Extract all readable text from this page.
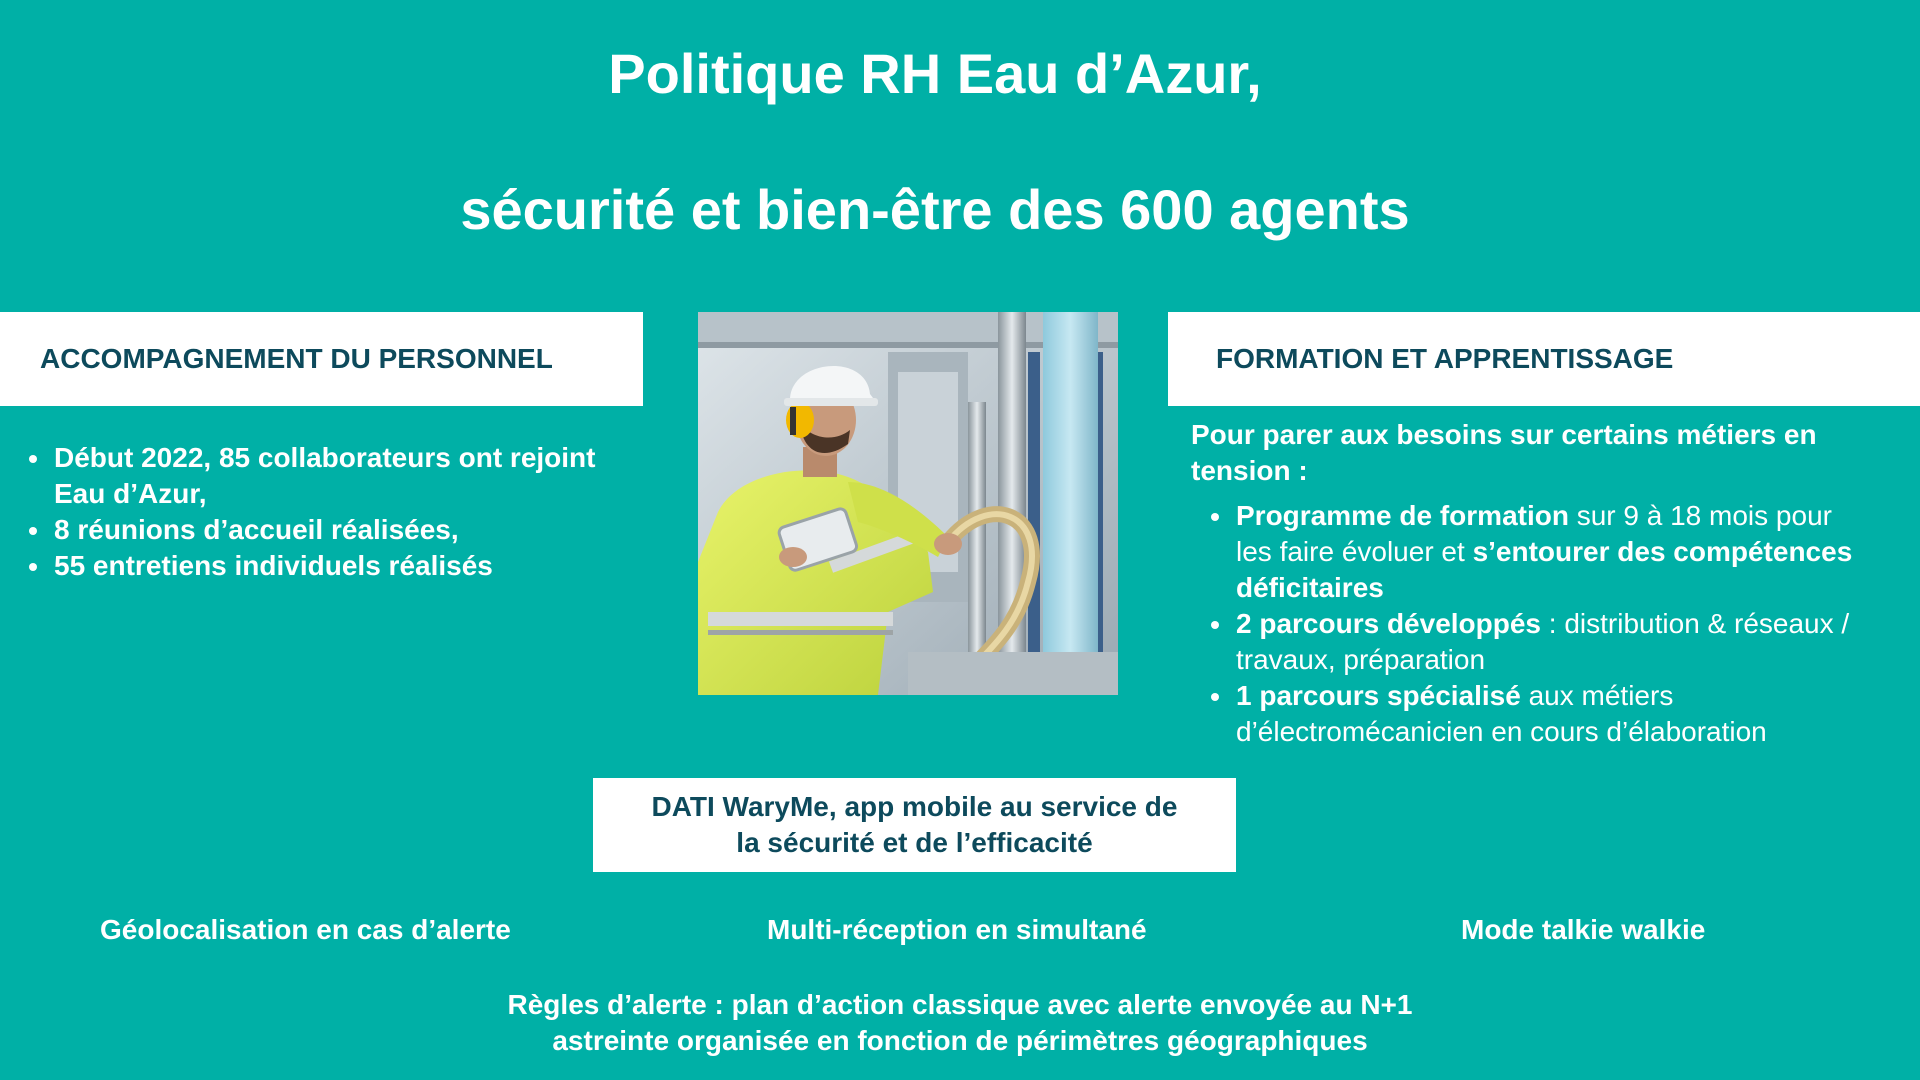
Politique RH Eau d’Azur,
sécurité et bien-être des 600 agents
ACCOMPAGNEMENT DU PERSONNEL
Début 2022, 85 collaborateurs ont rejoint Eau d’Azur,
8 réunions d’accueil réalisées,
55 entretiens individuels réalisés
FORMATION ET APPRENTISSAGE
Pour parer aux besoins sur certains métiers en tension :
Programme de formation sur 9 à 18 mois pour les faire évoluer et s’entourer des compétences déficitaires
2 parcours développés : distribution & réseaux / travaux, préparation
1 parcours spécialisé aux métiers d’électromécanicien en cours d’élaboration
DATI WaryMe, app mobile au service de
la sécurité et de l’efficacité
Géolocalisation en cas d’alerte	Multi-réception en simultané	Mode talkie walkie
Règles d’alerte : plan d’action classique avec alerte envoyée au N+1
astreinte organisée en fonction de périmètres géographiques
